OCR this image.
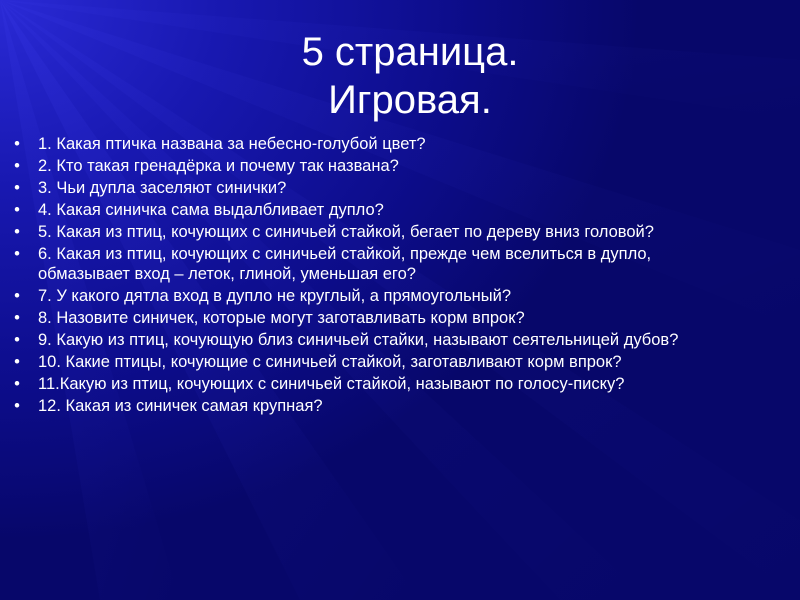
5 страница.
Игровая.
• 1. Какая птичка названа за небесно-голубой цвет?
• 2. Кто такая гренадёрка и почему так названа?
• 3. Чьи дупла заселяют синички?
• 4. Какая синичка сама выдалбливает дупло?
• 5. Какая из птиц, кочующих с синичьей стайкой, бегает по дереву вниз головой?
• 6. Какая из птиц, кочующих с синичьей стайкой, прежде чем вселиться в дупло, обмазывает вход – леток, глиной, уменьшая его?
• 7. У какого дятла вход в дупло не круглый, а прямоугольный?
• 8. Назовите синичек, которые могут заготавливать корм впрок?
• 9. Какую из птиц, кочующую близ синичьей стайки, называют сеятельницей дубов?
• 10. Какие птицы, кочующие с синичьей стайкой, заготавливают корм впрок?
• 11.Какую из птиц, кочующих с синичьей стайкой, называют по голосу-писку?
• 12. Какая из синичек самая крупная?
